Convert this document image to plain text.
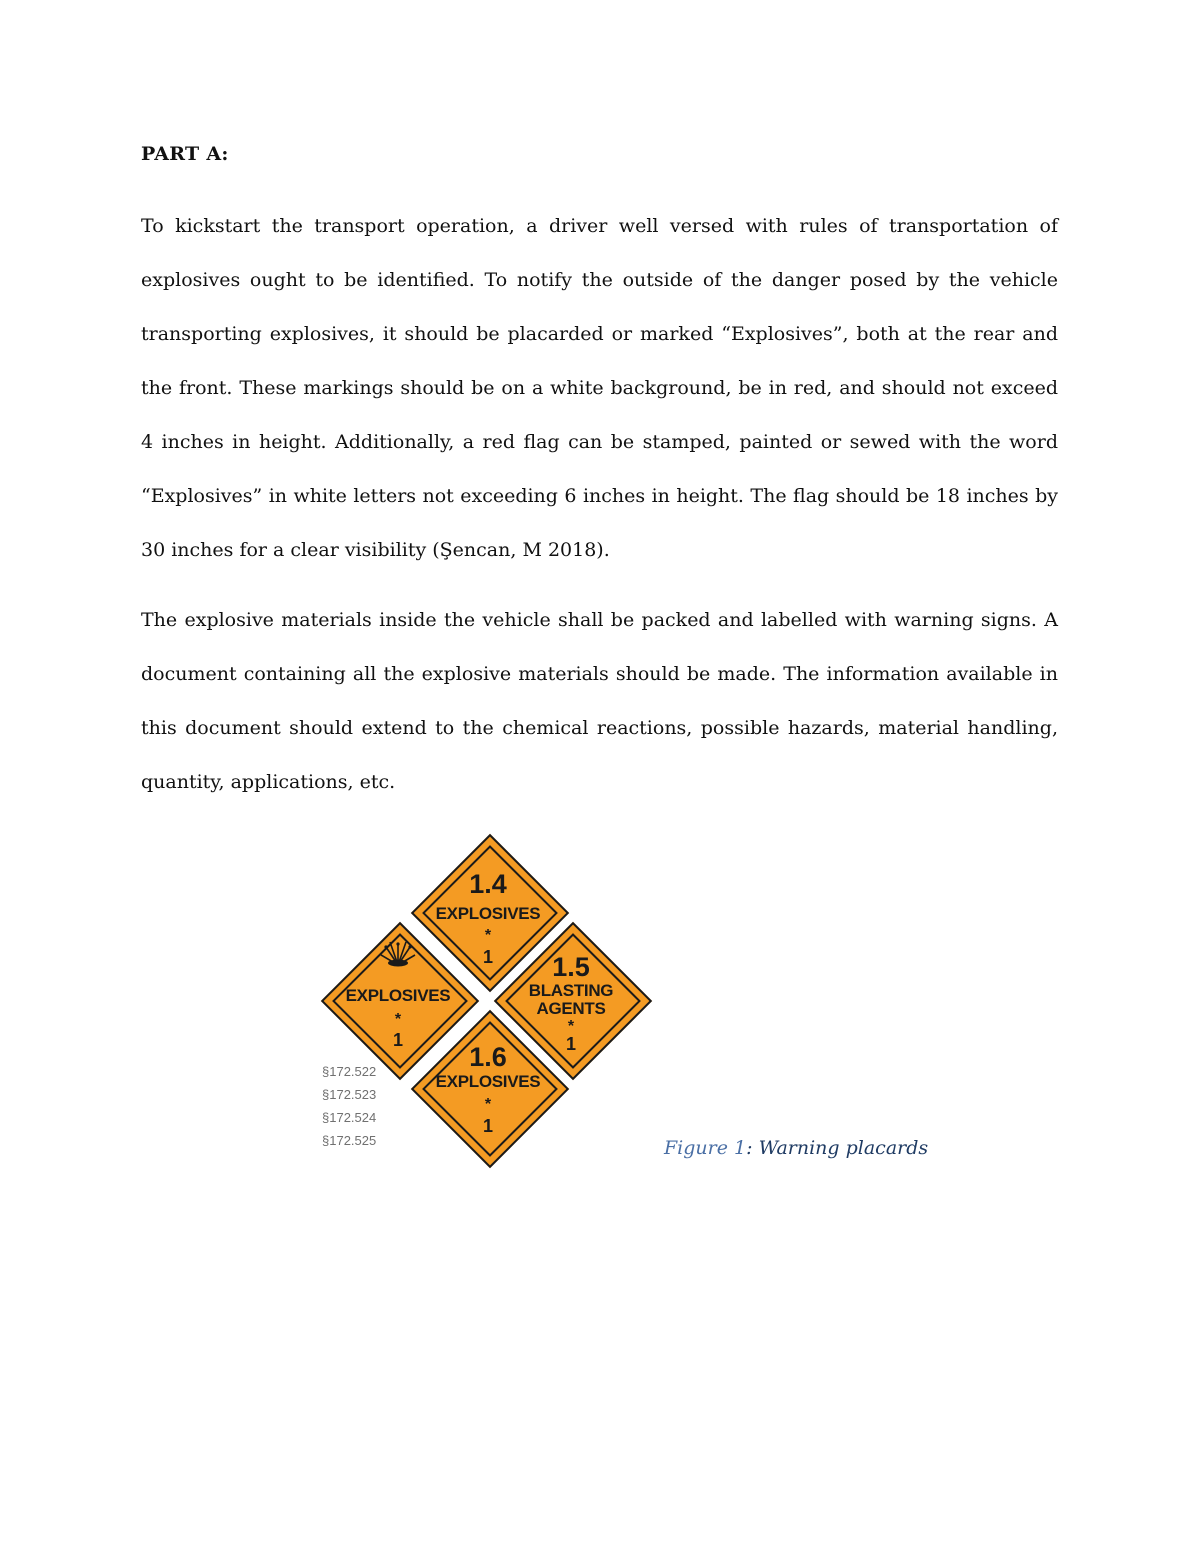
PART A:

To kickstart the transport operation, a driver well versed with rules of transportation of explosives ought to be identified. To notify the outside of the danger posed by the vehicle transporting explosives, it should be placarded or marked “Explosives”, both at the rear and the front. These markings should be on a white background, be in red, and should not exceed 4 inches in height. Additionally, a red flag can be stamped, painted or sewed with the word “Explosives” in white letters not exceeding 6 inches in height. The flag should be 18 inches by 30 inches for a clear visibility (Şencan, M 2018).

The explosive materials inside the vehicle shall be packed and labelled with warning signs. A document containing all the explosive materials should be made. The information available in this document should extend to the chemical reactions, possible hazards, material handling, quantity, applications, etc.

1.4
EXPLOSIVES
*
1
EXPLOSIVES
*
1
1.5
BLASTING
AGENTS
*
1
1.6
EXPLOSIVES
*
1
§172.522
§172.523
§172.524
§172.525	Figure 1: Warning placards
